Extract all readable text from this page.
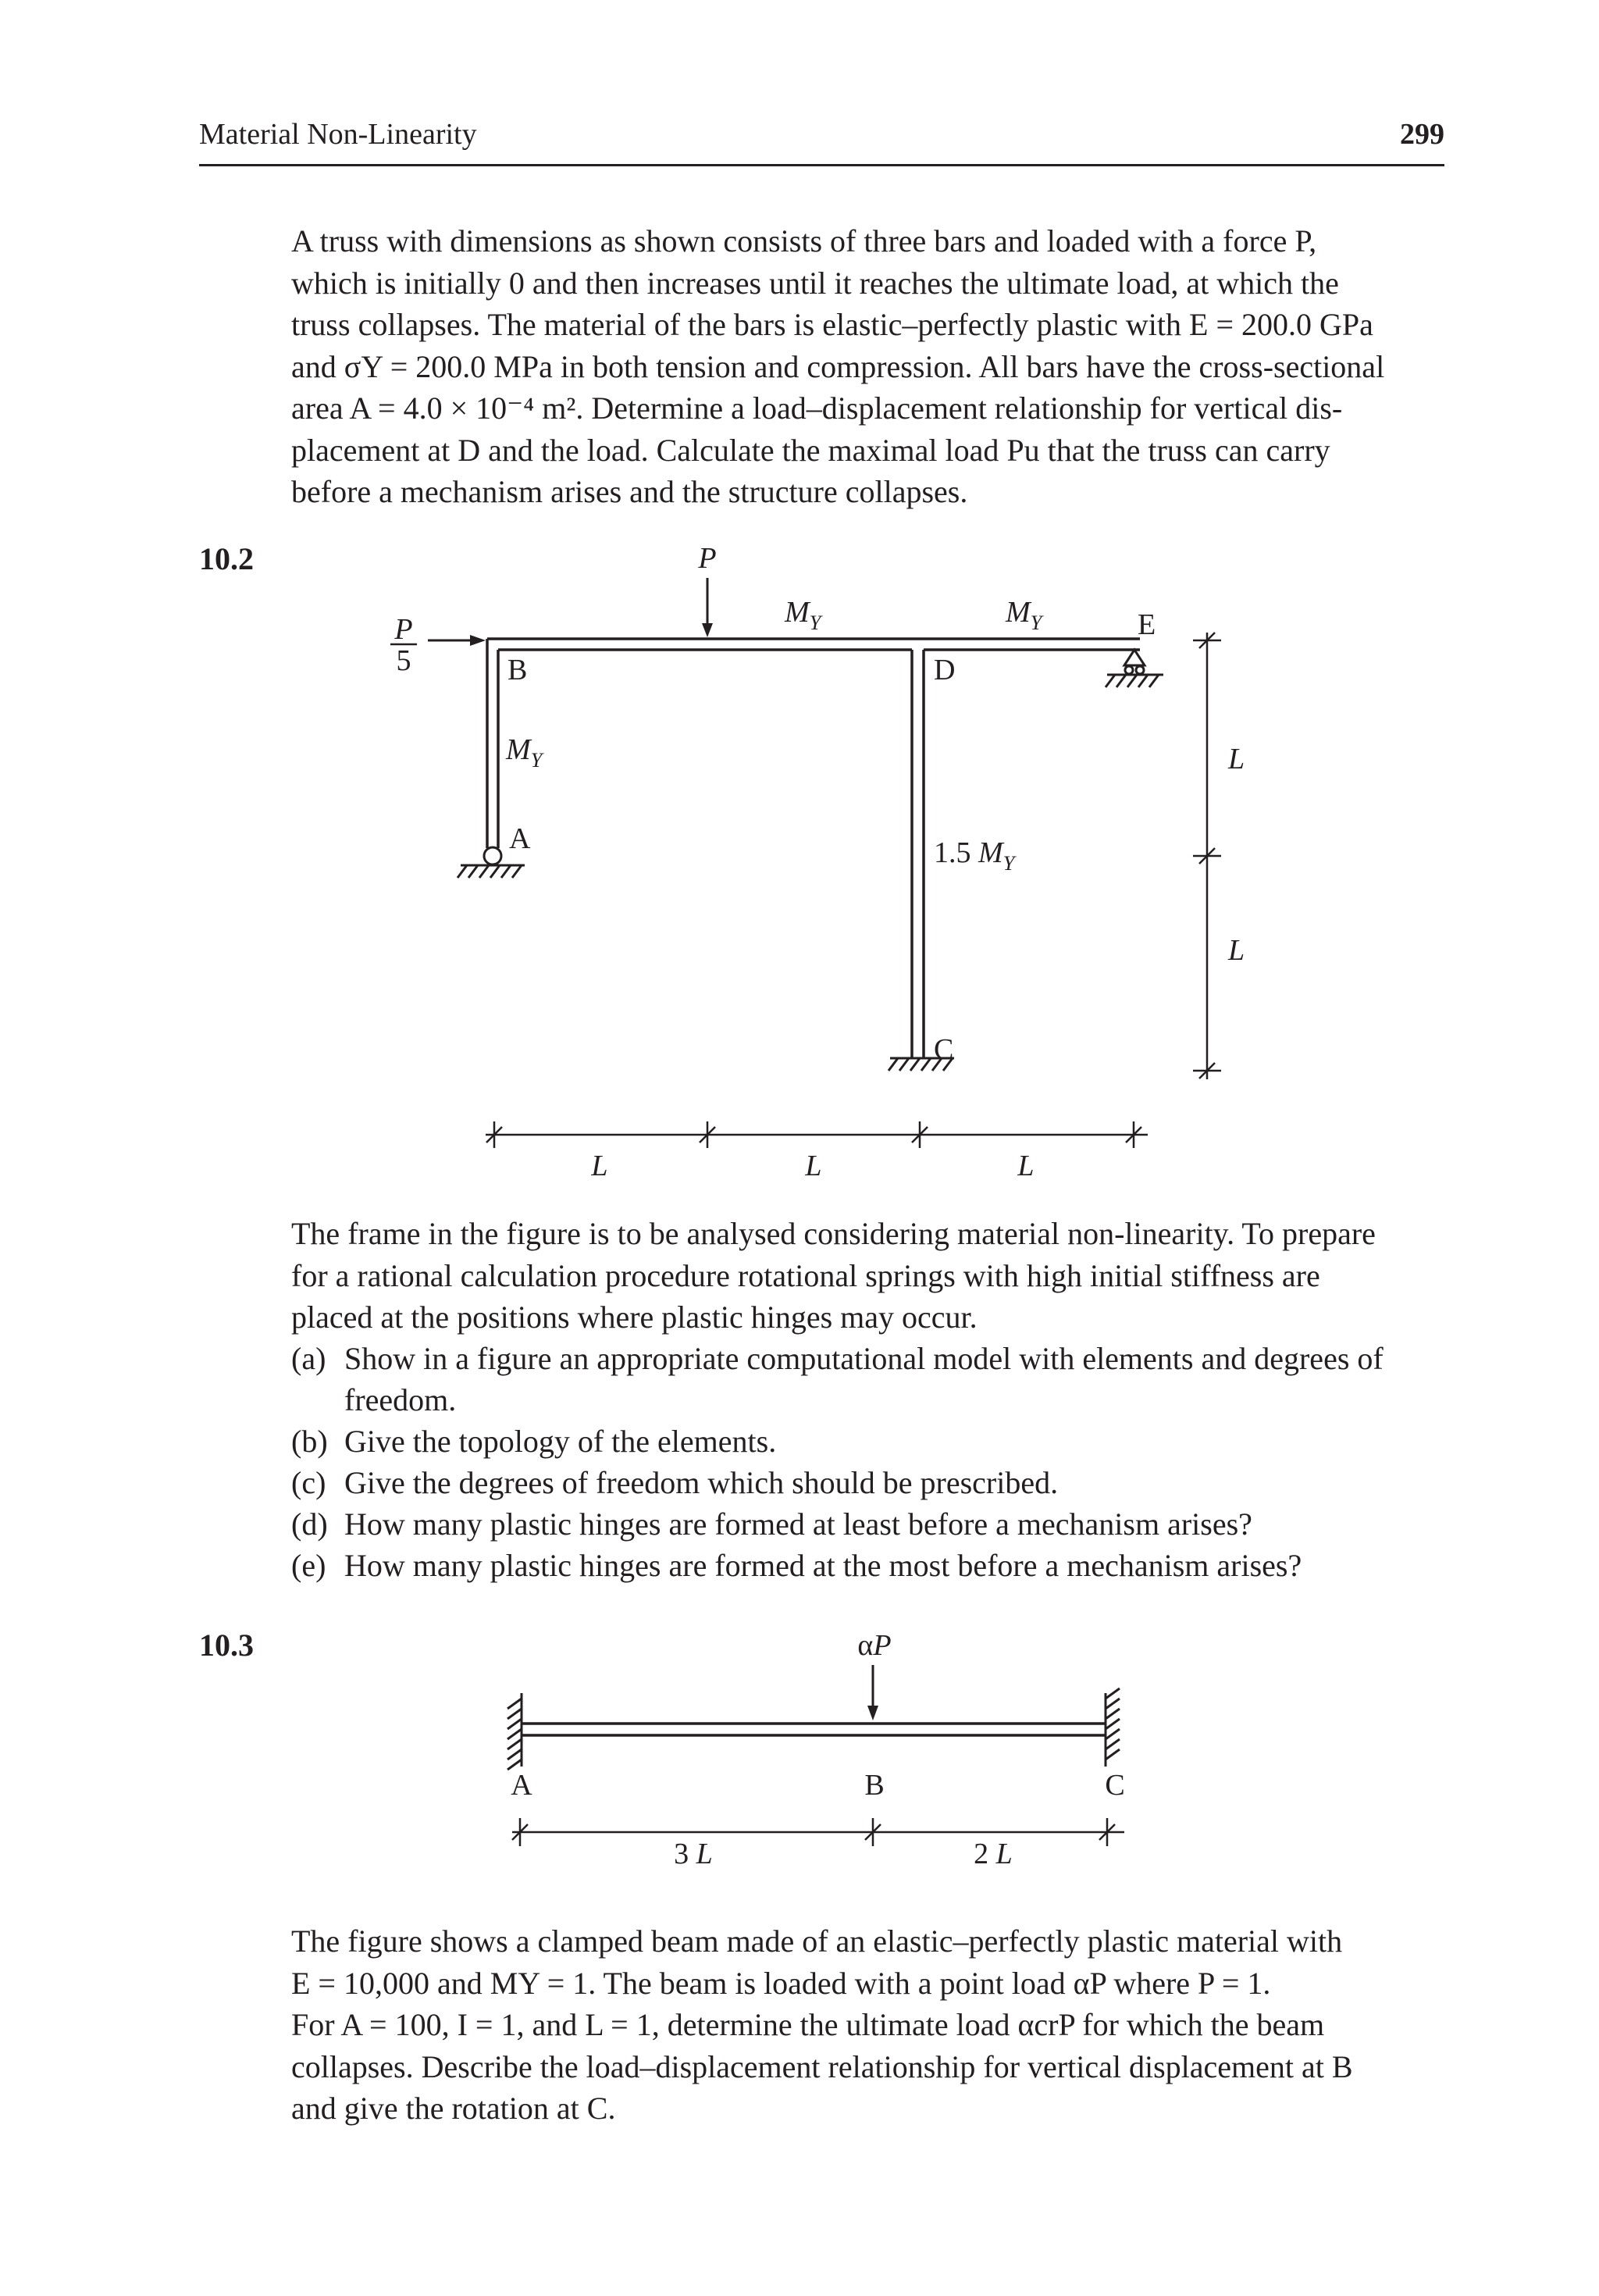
Material Non-Linearity	299
A truss with dimensions as shown consists of three bars and loaded with a force P,
which is initially 0 and then increases until it reaches the ultimate load, at which the
truss collapses. The material of the bars is elastic–perfectly plastic with E = 200.0 GPa
and σY = 200.0 MPa in both tension and compression. All bars have the cross-sectional
area A = 4.0 × 10⁻⁴ m². Determine a load–displacement relationship for vertical dis-
placement at D and the load. Calculate the maximal load Pu that the truss can carry
before a mechanism arises and the structure collapses.
10.2	P
P
5
$M_Y$	$M_Y$
$M_Y$
1.5 $M_Y$
B	D
E
A
C
L	L	L
L
L
The frame in the figure is to be analysed considering material non-linearity. To prepare
for a rational calculation procedure rotational springs with high initial stiffness are
placed at the positions where plastic hinges may occur.
(a) Show in a figure an appropriate computational model with elements and degrees of freedom.
(b) Give the topology of the elements.
(c) Give the degrees of freedom which should be prescribed.
(d) How many plastic hinges are formed at least before a mechanism arises?
(e) How many plastic hinges are formed at the most before a mechanism arises?
10.3	αP
A	B	C
3 L	2 L
The figure shows a clamped beam made of an elastic–perfectly plastic material with
E = 10,000 and MY = 1. The beam is loaded with a point load αP where P = 1.
For A = 100, I = 1, and L = 1, determine the ultimate load αcrP for which the beam
collapses. Describe the load–displacement relationship for vertical displacement at B
and give the rotation at C.
